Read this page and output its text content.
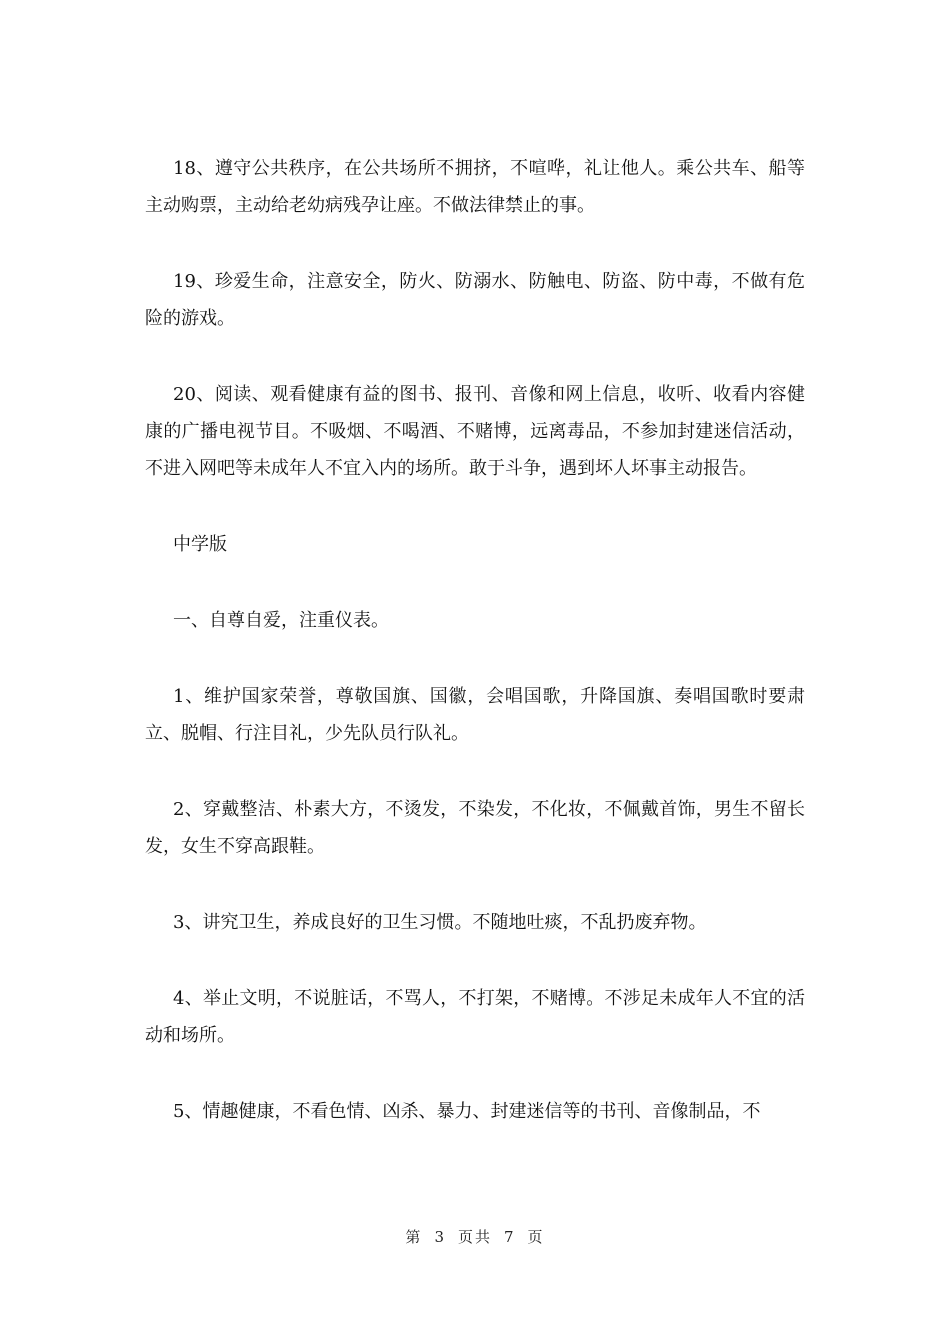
18、遵守公共秩序，在公共场所不拥挤，不喧哗，礼让他人。乘公共车、船等主动购票，主动给老幼病残孕让座。不做法律禁止的事。

19、珍爱生命，注意安全，防火、防溺水、防触电、防盗、防中毒，不做有危险的游戏。

20、阅读、观看健康有益的图书、报刊、音像和网上信息，收听、收看内容健康的广播电视节目。不吸烟、不喝酒、不赌博，远离毒品，不参加封建迷信活动，不进入网吧等未成年人不宜入内的场所。敢于斗争，遇到坏人坏事主动报告。

中学版

一、自尊自爱，注重仪表。

1、维护国家荣誉，尊敬国旗、国徽，会唱国歌，升降国旗、奏唱国歌时要肃立、脱帽、行注目礼，少先队员行队礼。

2、穿戴整洁、朴素大方，不烫发，不染发，不化妆，不佩戴首饰，男生不留长发，女生不穿高跟鞋。

3、讲究卫生，养成良好的卫生习惯。不随地吐痰，不乱扔废弃物。

4、举止文明，不说脏话，不骂人，不打架，不赌博。不涉足未成年人不宜的活动和场所。

5、情趣健康，不看色情、凶杀、暴力、封建迷信等的书刊、音像制品，不

第 3 页共 7 页
